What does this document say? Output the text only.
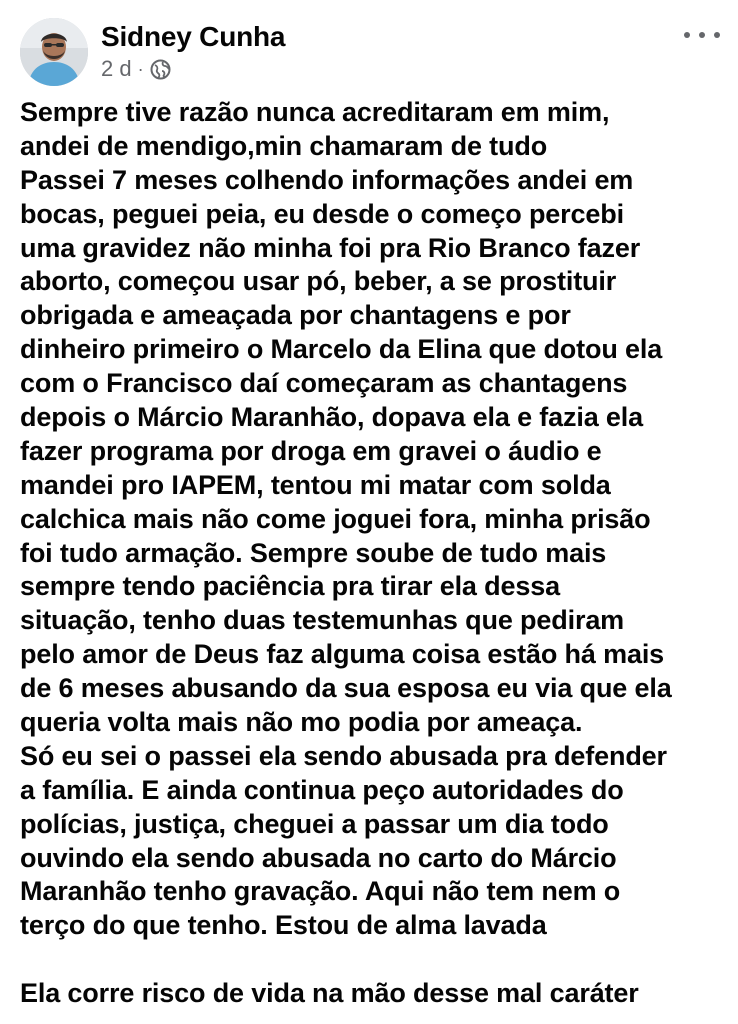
Sidney Cunha
2 d ·
Sempre tive razão nunca acreditaram em mim,
andei de mendigo,min chamaram de tudo
Passei 7 meses colhendo informações andei em
bocas, peguei peia, eu desde o começo percebi
uma gravidez não minha foi pra Rio Branco fazer
aborto, começou usar pó, beber, a se prostituir
obrigada e ameaçada por chantagens e por
dinheiro primeiro o Marcelo da Elina que dotou ela
com o Francisco daí começaram as chantagens
depois o Márcio Maranhão, dopava ela e fazia ela
fazer programa por droga em gravei o áudio e
mandei pro IAPEM, tentou mi matar com solda
calchica mais não come joguei fora, minha prisão
foi tudo armação. Sempre soube de tudo mais
sempre tendo paciência pra tirar ela dessa
situação, tenho duas testemunhas que pediram
pelo amor de Deus faz alguma coisa estão há mais
de 6 meses abusando da sua esposa eu via que ela
queria volta mais não mo podia por ameaça.
Só eu sei o passei ela sendo abusada pra defender
a família. E ainda continua peço autoridades do
polícias, justiça, cheguei a passar um dia todo
ouvindo ela sendo abusada no carto do Márcio
Maranhão tenho gravação. Aqui não tem nem o
terço do que tenho. Estou de alma lavada
Ela corre risco de vida na mão desse mal caráter
